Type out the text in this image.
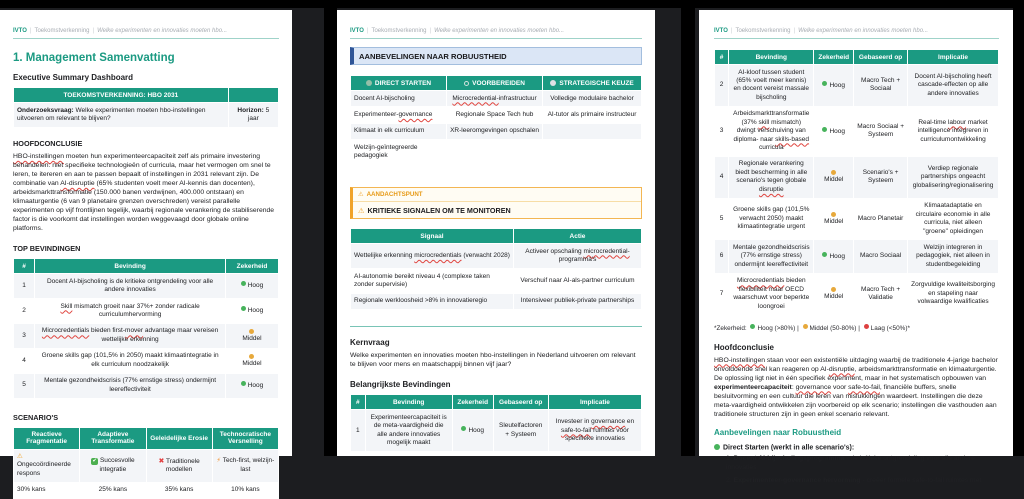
IVTO | Toekomstverkenning | Welke experimenten en innovaties moeten hbo...
1. Management Samenvatting
Executive Summary Dashboard
TOEKOMSTVERKENNING: HBO 2031	
Onderzoeksvraag: Welke experimenten moeten hbo-instellingen uitvoeren om relevant te blijven?	Horizon: 5 jaar
HOOFDCONCLUSIE
HBO-instellingen moeten hun experimenteercapaciteit zelf als primaire investering behandelen: niet specifieke technologieën of curricula, maar het vermogen om snel te leren, te itereren en aan te passen bepaalt of instellingen in 2031 relevant zijn. De combinatie van AI-disruptie (65% studenten voelt meer AI-kennis dan docenten), arbeidsmarkttransformatie (150.000 banen verdwijnen, 400.000 ontstaan) en klimaaturgentie (6 van 9 planetaire grenzen overschreden) vereist parallelle experimenten op vijf frontlijnen tegelijk, waarbij regionale verankering de stabiliserende factor is die voorkomt dat instellingen worden weggevaagd door globale online platforms.
TOP BEVINDINGEN
#	Bevinding	Zekerheid
1	Docent AI-bijscholing is de kritieke ontgrendeling voor alle andere innovaties	Hoog
2	Skill mismatch groeit naar 37%+ zonder radicale curriculumhervorming	Hoog
3	Microcredentials bieden first-mover advantage maar vereisen wettelijke erkenning	Middel
4	Groene skills gap (101,5% in 2050) maakt klimaatintegratie in elk curriculum noodzakelijk	Middel
5	Mentale gezondheidscrisis (77% ernstige stress) ondermijnt leereffectiviteit	Hoog
SCENARIO'S
Reactieve Fragmentatie	Adaptieve Transformatie	Geleidelijke Erosie	Technocratische Versnelling
⚠ Ongecoördineerde respons	✔ Succesvolle integratie	✖ Traditionele modellen	⚡ Tech-first, welzijn-last
30% kans	25% kans	35% kans	10% kans
IVTO | Toekomstverkenning | Welke experimenten en innovaties moeten hbo...
AANBEVELINGEN NAAR ROBUUSTHEID
DIRECT STARTEN	VOORBEREIDEN	STRATEGISCHE KEUZE
Docent AI-bijscholing	Microcredential-infrastructuur	Volledige modulaire bachelor
Experimenteer-governance	Regionale Space Tech hub	AI-tutor als primaire instructeur
Klimaat in elk curriculum	XR-leeromgevingen opschalen	
Welzijn-geïntegreerde pedagogiek		
⚠ AANDACHTSPUNT
⚠ KRITIEKE SIGNALEN OM TE MONITOREN
Signaal	Actie
Wettelijke erkenning microcredentials (verwacht 2028)	Activeer opschaling microcredential-programma's
AI-autonomie bereikt niveau 4 (complexe taken zonder supervisie)	Verschuif naar AI-als-partner curriculum
Regionale werkloosheid >8% in innovatieregio	Intensiveer publiek-private partnerships
Kernvraag
Welke experimenten en innovaties moeten hbo-instellingen in Nederland uitvoeren om relevant te blijven voor mens en maatschappij binnen vijf jaar?
Belangrijkste Bevindingen
#	Bevinding	Zekerheid	Gebaseerd op	Implicatie
1	Experimenteercapaciteit is de meta-vaardigheid die alle andere innovaties mogelijk maakt	Hoog	Sleutelfactoren + Systeem	Investeer in governance en safe-to-fail ruimtes vóór specifieke innovaties
IVTO | Toekomstverkenning | Welke experimenten en innovaties moeten hbo...
#	Bevinding	Zekerheid	Gebaseerd op	Implicatie
2	AI-kloof tussen student (65% voelt meer kennis) en docent vereist massale bijscholing	Hoog	Macro Tech + Sociaal	Docent AI-bijscholing heeft cascade-effecten op alle andere innovaties
3	Arbeidsmarkttransformatie (37% skill mismatch) dwingt verschuiving van diploma- naar skills-based curricula	Hoog	Macro Sociaal + Systeem	Real-time labour market intelligence integreren in curriculumontwikkeling
4	Regionale verankering biedt bescherming in alle scenario's tegen globale disruptie	Middel	Scenario's + Systeem	Verdiep regionale partnerships ongeacht globalisering/regionalisering
5	Groene skills gap (101,5% verwacht 2050) maakt klimaatintegratie urgent	Middel	Macro Planetair	Klimaatadaptatie en circulaire economie in alle curricula, niet alleen "groene" opleidingen
6	Mentale gezondheidscrisis (77% ernstige stress) ondermijnt leereffectiviteit	Hoog	Macro Sociaal	Welzijn integreren in pedagogiek, niet alleen in studentbegeleiding
7	Microcredentials bieden flexibiliteit maar OECD waarschuwt voor beperkte loongroei	Middel	Macro Tech + Validatie	Zorgvuldige kwaliteitsborging en stapeling naar volwaardige kwalificaties
*Zekerheid: Hoog (>80%) | Middel (50-80%) | Laag (<50%)*
Hoofdconclusie
HBO-instellingen staan voor een existentiële uitdaging waarbij de traditionele 4-jarige bachelor onvoldoende snel kan reageren op AI-disruptie, arbeidsmarkttransformatie en klimaaturgentie. De oplossing ligt niet in één specifiek experiment, maar in het systematisch opbouwen van experimenteercapaciteit: governance voor safe-to-fail, financiële buffers, snelle besluitvorming en een cultuur die leren van mislukkingen waardeert. Instellingen die deze meta-vaardigheid ontwikkelen zijn voorbereid op elk scenario; instellingen die vasthouden aan traditionele structuren zijn in geen enkel scenario relevant.
Aanbevelingen naar Robuustheid
Direct Starten (werkt in alle scenario's):
1. Docent AI-bijscholingsprogramma - de kritieke ontgrendeling voor alle andere innovaties
2. Experimenteer-governance hervorming - creëer formele safe-to-fail ruimtes met
